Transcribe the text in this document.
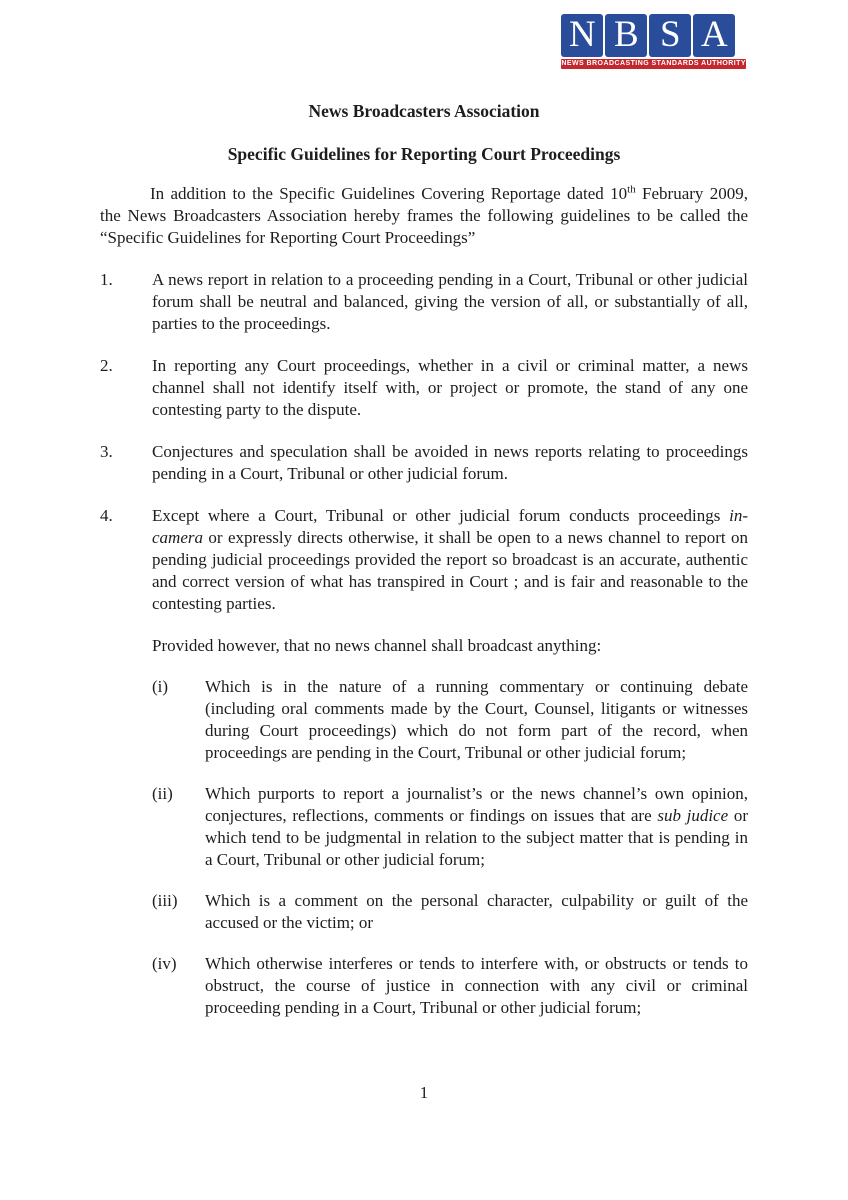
N B S A
NEWS BROADCASTING STANDARDS AUTHORITY
News Broadcasters Association
Specific Guidelines for Reporting Court Proceedings

In addition to the Specific Guidelines Covering Reportage dated 10th February 2009, the News Broadcasters Association hereby frames the following guidelines to be called the “Specific Guidelines for Reporting Court Proceedings”

1.	A news report in relation to a proceeding pending in a Court, Tribunal or other judicial forum shall be neutral and balanced, giving the version of all, or substantially of all, parties to the proceedings.
2.	In reporting any Court proceedings, whether in a civil or criminal matter, a news channel shall not identify itself with, or project or promote, the stand of any one contesting party to the dispute.
3.	Conjectures and speculation shall be avoided in news reports relating to proceedings pending in a Court, Tribunal or other judicial forum.
4.	Except where a Court, Tribunal or other judicial forum conducts proceedings in-camera or expressly directs otherwise, it shall be open to a news channel to report on pending judicial proceedings provided the report so broadcast is an accurate, authentic and correct version of what has transpired in Court ; and is fair and reasonable to the contesting parties.

Provided however, that no news channel shall broadcast anything:

(i)	Which is in the nature of a running commentary or continuing debate (including oral comments made by the Court, Counsel, litigants or witnesses during Court proceedings) which do not form part of the record, when proceedings are pending in the Court, Tribunal or other judicial forum;
(ii)	Which purports to report a journalist’s or the news channel’s own opinion, conjectures, reflections, comments or findings on issues that are sub judice or which tend to be judgmental in relation to the subject matter that is pending in a Court, Tribunal or other judicial forum;
(iii)	Which is a comment on the personal character, culpability or guilt of the accused or the victim; or
(iv)	Which otherwise interferes or tends to interfere with, or obstructs or tends to obstruct, the course of justice in connection with any civil or criminal proceeding pending in a Court, Tribunal or other judicial forum;
1
